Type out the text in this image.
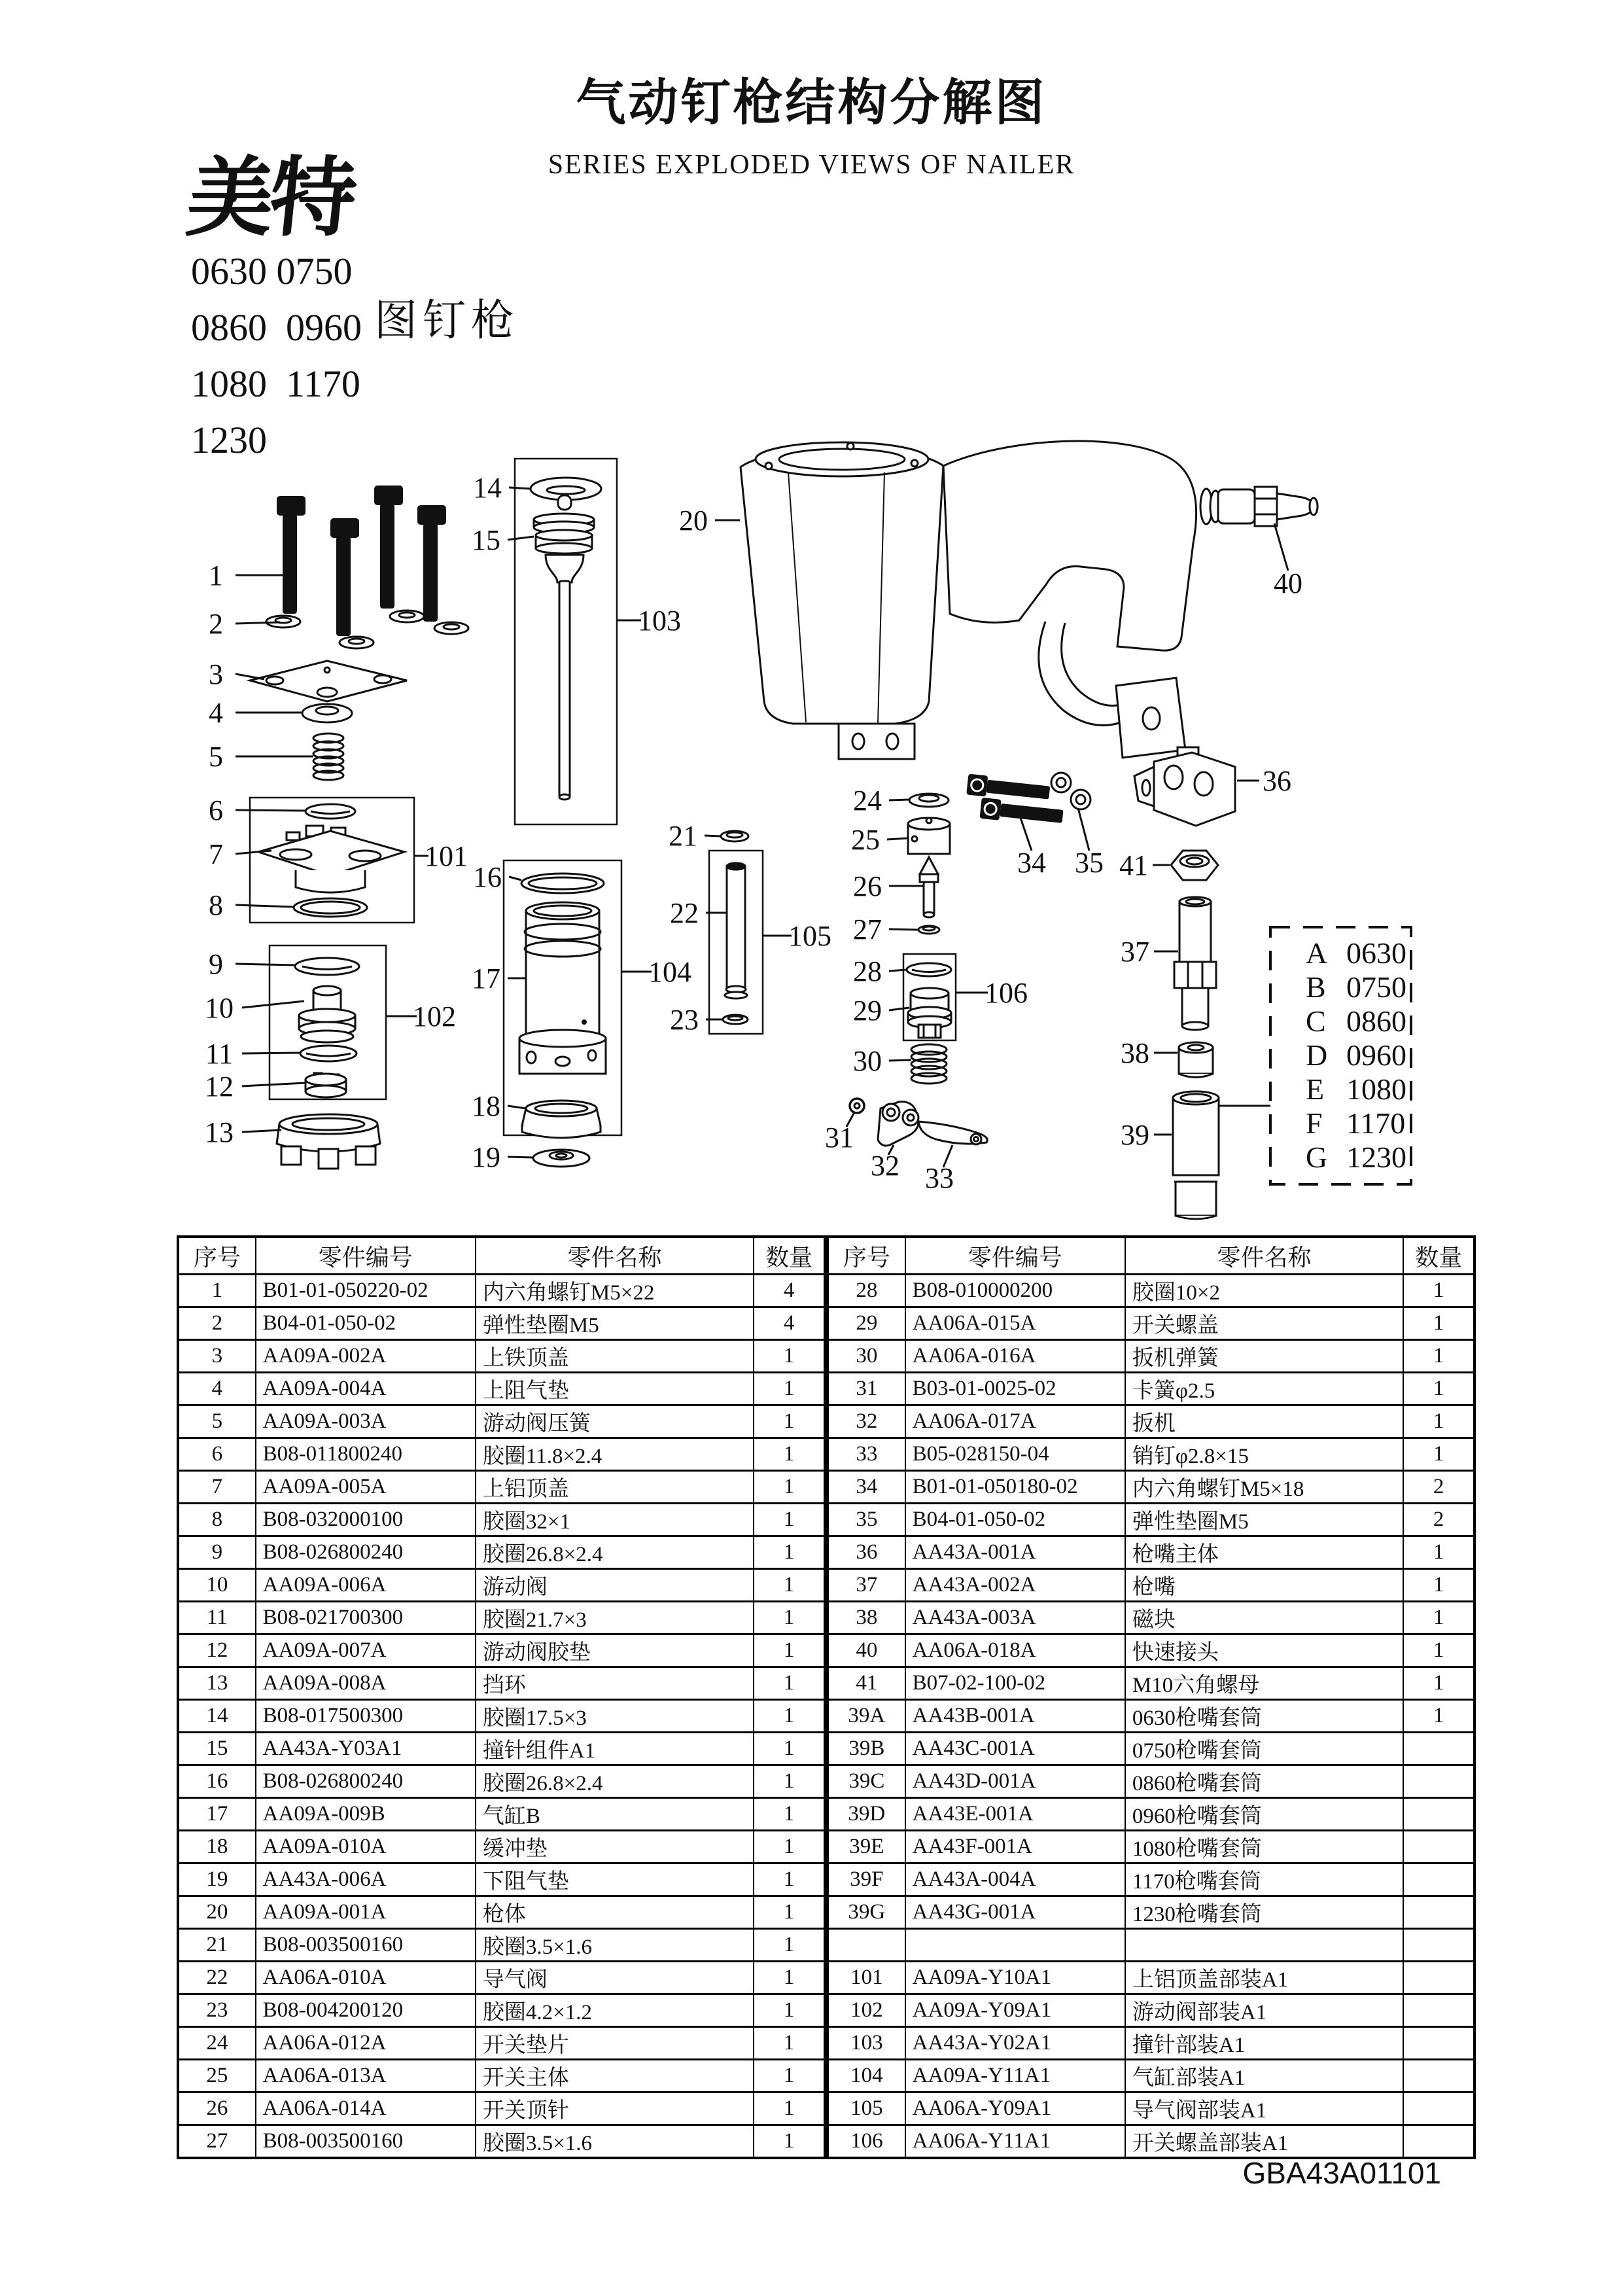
气动钉枪结构分解图
SERIES EXPLODED VIEWS OF NAILER
美特
0630 0750
0860  0960
1080  1170
1230
图钉枪
A 0630
B 0750
C 0860
D 0960
E 1080
F 1170
G 1230
1
2
3
4
5
6
7
8
9
10
11
12
13
101
102
14
15
103
16
17	104
18
19
20
21
22
105
23
24
25
26
27
28
106
29
30
31
32 33
34 35
36
41
37
38
39
40
序号	零件编号	零件名称	数量
1	B01-01-050220-02	内六角螺钉M5×22	4
2	B04-01-050-02	弹性垫圈M5	4
3	AA09A-002A	上铁顶盖	1
4	AA09A-004A	上阻气垫	1
5	AA09A-003A	游动阀压簧	1
6	B08-011800240	胶圈11.8×2.4	1
7	AA09A-005A	上铝顶盖	1
8	B08-032000100	胶圈32×1	1
9	B08-026800240	胶圈26.8×2.4	1
10	AA09A-006A	游动阀	1
11	B08-021700300	胶圈21.7×3	1
12	AA09A-007A	游动阀胶垫	1
13	AA09A-008A	挡环	1
14	B08-017500300	胶圈17.5×3	1
15	AA43A-Y03A1	撞针组件A1	1
16	B08-026800240	胶圈26.8×2.4	1
17	AA09A-009B	气缸B	1
18	AA09A-010A	缓冲垫	1
19	AA43A-006A	下阻气垫	1
20	AA09A-001A	枪体	1
21	B08-003500160	胶圈3.5×1.6	1
22	AA06A-010A	导气阀	1
23	B08-004200120	胶圈4.2×1.2	1
24	AA06A-012A	开关垫片	1
25	AA06A-013A	开关主体	1
26	AA06A-014A	开关顶针	1
27	B08-003500160	胶圈3.5×1.6	1
序号	零件编号	零件名称	数量
28	B08-010000200	胶圈10×2	1
29	AA06A-015A	开关螺盖	1
30	AA06A-016A	扳机弹簧	1
31	B03-01-0025-02	卡簧φ2.5	1
32	AA06A-017A	扳机	1
33	B05-028150-04	销钉φ2.8×15	1
34	B01-01-050180-02	内六角螺钉M5×18	2
35	B04-01-050-02	弹性垫圈M5	2
36	AA43A-001A	枪嘴主体	1
37	AA43A-002A	枪嘴	1
38	AA43A-003A	磁块	1
40	AA06A-018A	快速接头	1
41	B07-02-100-02	M10六角螺母	1
39A	AA43B-001A	0630枪嘴套筒	1
39B	AA43C-001A	0750枪嘴套筒	
39C	AA43D-001A	0860枪嘴套筒	
39D	AA43E-001A	0960枪嘴套筒	
39E	AA43F-001A	1080枪嘴套筒	
39F	AA43A-004A	1170枪嘴套筒	
39G	AA43G-001A	1230枪嘴套筒	

101	AA09A-Y10A1	上铝顶盖部装A1	
102	AA09A-Y09A1	游动阀部装A1	
103	AA43A-Y02A1	撞针部装A1	
104	AA09A-Y11A1	气缸部装A1	
105	AA06A-Y09A1	导气阀部装A1	
106	AA06A-Y11A1	开关螺盖部装A1	
GBA43A01101
